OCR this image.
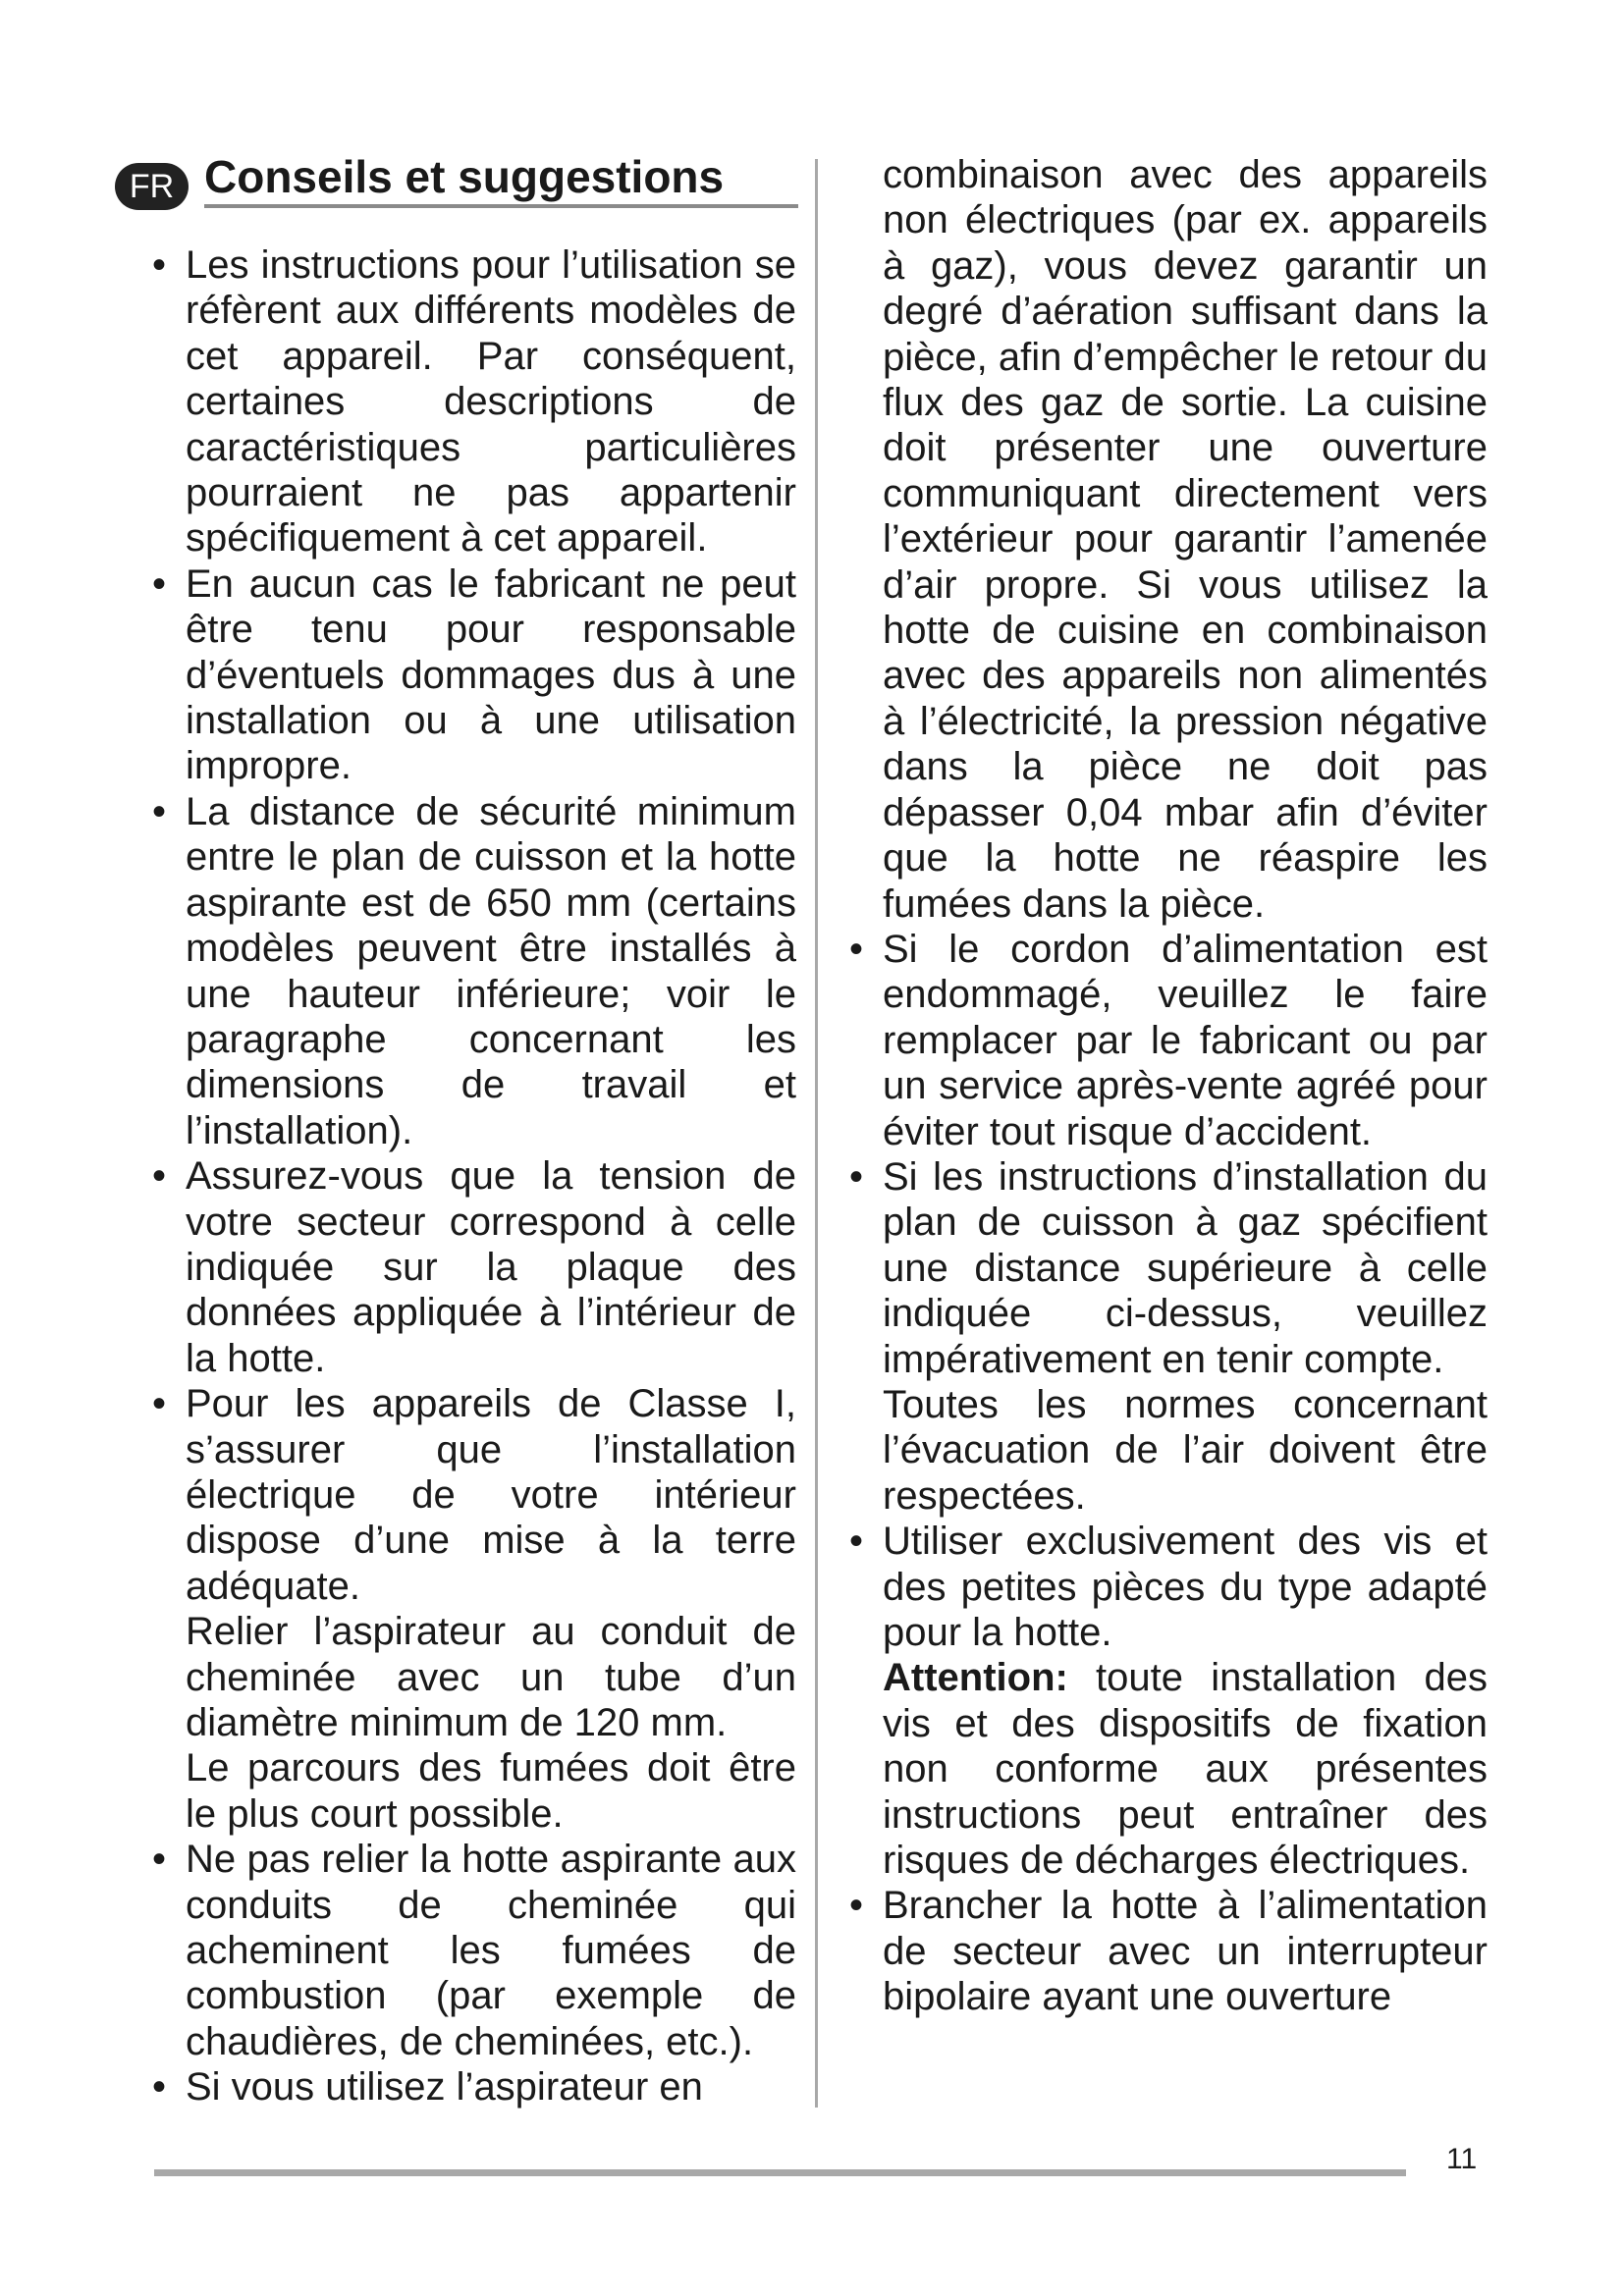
FR Conseils et suggestions

• Les instructions pour l’utilisation se réfèrent aux différents modèles de cet appareil. Par conséquent, certaines descriptions de caractéristiques particulières pourraient ne pas appartenir spécifiquement à cet appareil.

• En aucun cas le fabricant ne peut être tenu pour responsable d’éventuels dommages dus à une installation ou à une utilisation impropre.

• La distance de sécurité minimum entre le plan de cuisson et la hotte aspirante est de 650 mm (certains modèles peuvent être installés à une hauteur inférieure; voir le paragraphe concernant les dimensions de travail et l’installation).

• Assurez-vous que la tension de votre secteur correspond à celle indiquée sur la plaque des données appliquée à l’intérieur de la hotte.

• Pour les appareils de Classe I, s’assurer que l’installation électrique de votre intérieur dispose d’une mise à la terre adéquate.

Relier l’aspirateur au conduit de cheminée avec un tube d’un diamètre minimum de 120 mm.

Le parcours des fumées doit être le plus court possible.

• Ne pas relier la hotte aspirante aux conduits de cheminée qui acheminent les fumées de combustion (par exemple de chaudières, de cheminées, etc.).

• Si vous utilisez l’aspirateur en

combinaison avec des appareils non électriques (par ex. appareils à gaz), vous devez garantir un degré d’aération suffisant dans la pièce, afin d’empêcher le retour du flux des gaz de sortie. La cuisine doit présenter une ouverture communiquant directement vers l’extérieur pour garantir l’amenée d’air propre. Si vous utilisez la hotte de cuisine en combinaison avec des appareils non alimentés à l’électricité, la pression négative dans la pièce ne doit pas dépasser 0,04 mbar afin d’éviter que la hotte ne réaspire les fumées dans la pièce.

• Si le cordon d’alimentation est endommagé, veuillez le faire remplacer par le fabricant ou par un service après-vente agréé pour éviter tout risque d’accident.

• Si les instructions d’installation du plan de cuisson à gaz spécifient une distance supérieure à celle indiquée ci-dessus, veuillez impérativement en tenir compte.

Toutes les normes concernant l’évacuation de l’air doivent être respectées.

• Utiliser exclusivement des vis et des petites pièces du type adapté pour la hotte.

Attention: toute installation des vis et des dispositifs de fixation non conforme aux présentes instructions peut entraîner des risques de décharges électriques.

• Brancher la hotte à l’alimentation de secteur avec un interrupteur bipolaire ayant une ouverture

11
